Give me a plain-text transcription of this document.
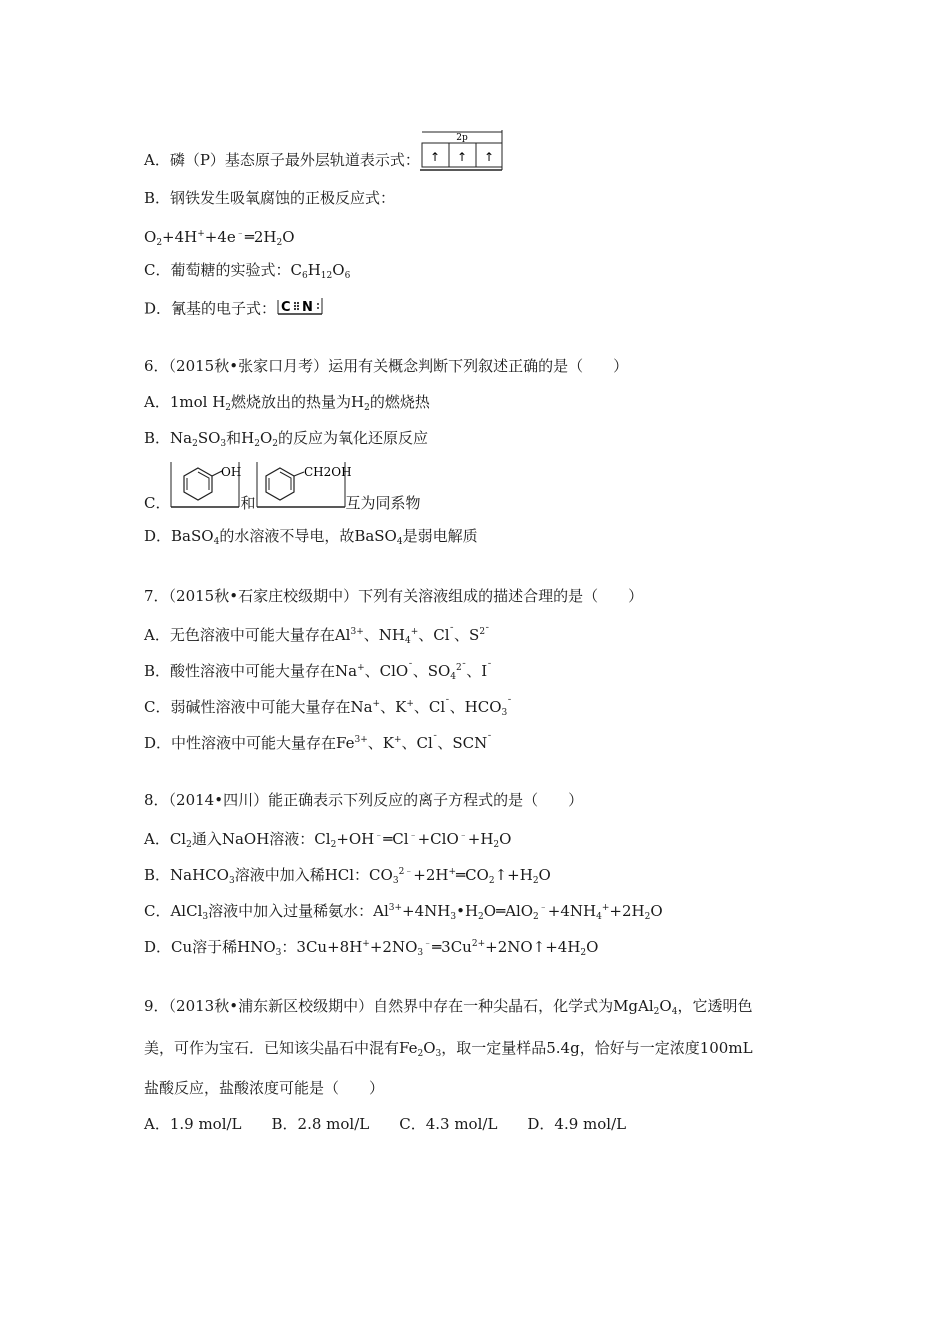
A．磷（P）基态原子最外层轨道表示式：
2p
↑ ↑ ↑
B．钢铁发生吸氧腐蚀的正极反应式：
$O_2+4H^++4e^﹣═2H_2O$
C．葡萄糖的实验式：$C_6H_{12}O_6$
D．氰基的电子式： C N
6．（2015秋•张家口月考）运用有关概念判断下列叙述正确的是（　　）
A．1mol $H_2$燃烧放出的热量为$H_2$的燃烧热
B．$Na_2SO_3$和$H_2O_2$的反应为氧化还原反应
C．
OH
和
CH2OH
互为同系物
D．BaSO$_4$的水溶液不导电，故BaSO$_4$是弱电解质
7．（2015秋•石家庄校级期中）下列有关溶液组成的描述合理的是（　　）
A．无色溶液中可能大量存在$Al^{3+}$、$NH_4^+$、Cl¯、$S^{2¯}$
B．酸性溶液中可能大量存在Na+、ClO¯、$SO_4^{2¯}$、I¯
C．弱碱性溶液中可能大量存在Na+、K+、Cl¯、$HCO_3^¯$
D．中性溶液中可能大量存在$Fe^{3+}$、K+、Cl¯、SCN¯
8．（2014•四川）能正确表示下列反应的离子方程式的是（　　）
A．$Cl_2$通入NaOH溶液：$Cl_2+OH^﹣═Cl^﹣+ClO^﹣+H_2O$
B．NaHCO$_3$溶液中加入稀HCl：$CO_3^{2﹣}+2H^+═CO_2↑+H_2O$
C．AlCl$_3$溶液中加入过量稀氨水：$Al^{3+}+4NH_3•H_2O═AlO_2^﹣+4NH_4^++2H_2O$
D．Cu溶于稀$HNO_3$：$3Cu+8H^++2NO_3^﹣═3Cu^{2+}+2NO↑+4H_2O$
9．（2013秋•浦东新区校级期中）自然界中存在一种尖晶石，化学式为$MgAl_2O_4$，它透明色
美，可作为宝石．已知该尖晶石中混有$Fe_2O_3$，取一定量样品5.4g，恰好与一定浓度100mL
盐酸反应，盐酸浓度可能是（　　）
A．1.9 mol/L　　B．2.8 mol/L　　C．4.3 mol/L　　D．4.9 mol/L
